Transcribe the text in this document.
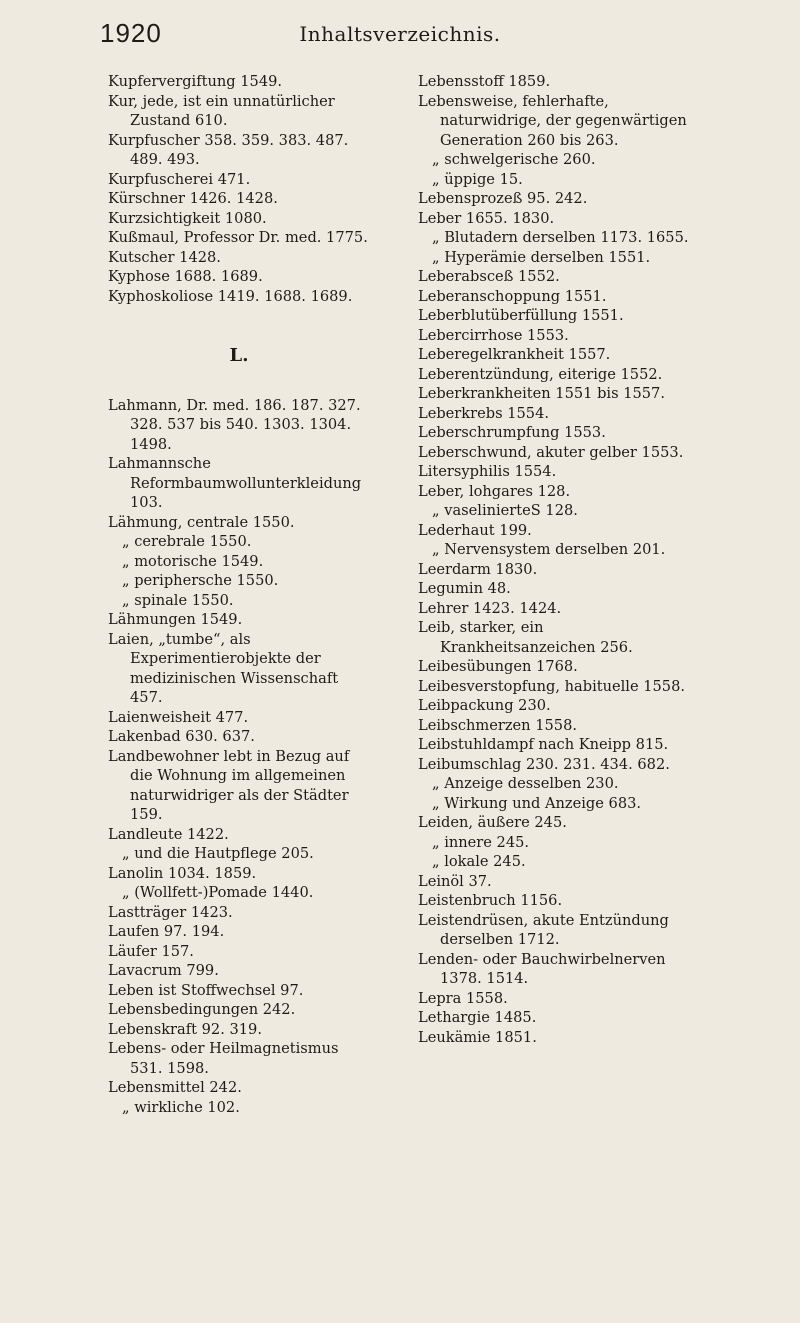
1920	Inhaltsverzeichnis.

Kupfervergiftung 1549.

Kur, jede, ist ein unnatürlicher Zustand 610.

Kurpfuscher 358. 359. 383. 487. 489. 493.

Kurpfuscherei 471.

Kürschner 1426. 1428.

Kurzsichtigkeit 1080.

Kußmaul, Professor Dr. med. 1775.

Kutscher 1428.

Kyphose 1688. 1689.

Kyphoskoliose 1419. 1688. 1689.

L.

Lahmann, Dr. med. 186. 187. 327. 328. 537 bis 540. 1303. 1304. 1498.

Lahmannsche Reformbaumwollunterkleidung 103.

Lähmung, centrale 1550.

„ cerebrale 1550.

„ motorische 1549.

„ periphersche 1550.

„ spinale 1550.

Lähmungen 1549.

Laien, „tumbe“, als Experimentierobjekte der medizinischen Wissenschaft 457.

Laienweisheit 477.

Lakenbad 630. 637.

Landbewohner lebt in Bezug auf die Wohnung im allgemeinen naturwidriger als der Städter 159.

Landleute 1422.

„ und die Hautpflege 205.

Lanolin 1034. 1859.

„ (Wollfett-)Pomade 1440.

Lastträger 1423.

Laufen 97. 194.

Läufer 157.

Lavacrum 799.

Leben ist Stoffwechsel 97.

Lebensbedingungen 242.

Lebenskraft 92. 319.

Lebens- oder Heilmagnetismus 531. 1598.

Lebensmittel 242.

„ wirkliche 102.

Lebensstoff 1859.

Lebensweise, fehlerhafte, naturwidrige, der gegenwärtigen Generation 260 bis 263.

„ schwelgerische 260.

„ üppige 15.

Lebensprozeß 95. 242.

Leber 1655. 1830.

„ Blutadern derselben 1173. 1655.

„ Hyperämie derselben 1551.

Leberabsceß 1552.

Leberanschoppung 1551.

Leberblutüberfüllung 1551.

Lebercirrhose 1553.

Leberegelkrankheit 1557.

Leberentzündung, eiterige 1552.

Leberkrankheiten 1551 bis 1557.

Leberkrebs 1554.

Leberschrumpfung 1553.

Leberschwund, akuter gelber 1553.

Litersyphilis 1554.

Leber, lohgares 128.

„ vaselinierteS 128.

Lederhaut 199.

„ Nervensystem derselben 201.

Leerdarm 1830.

Legumin 48.

Lehrer 1423. 1424.

Leib, starker, ein Krankheitsanzeichen 256.

Leibesübungen 1768.

Leibesverstopfung, habituelle 1558.

Leibpackung 230.

Leibschmerzen 1558.

Leibstuhldampf nach Kneipp 815.

Leibumschlag 230. 231. 434. 682.

„ Anzeige desselben 230.

„ Wirkung und Anzeige 683.

Leiden, äußere 245.

„ innere 245.

„ lokale 245.

Leinöl 37.

Leistenbruch 1156.

Leistendrüsen, akute Entzündung derselben 1712.

Lenden- oder Bauchwirbelnerven 1378. 1514.

Lepra 1558.

Lethargie 1485.

Leukämie 1851.
